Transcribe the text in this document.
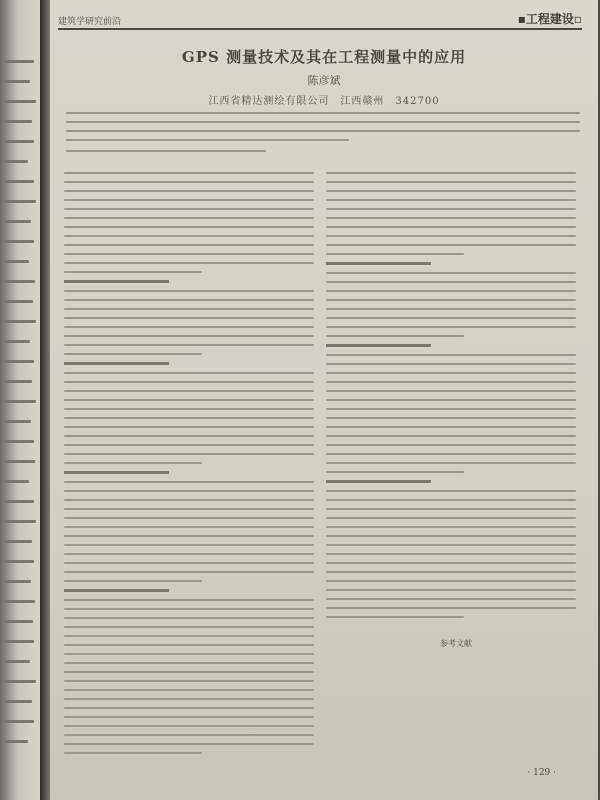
建筑学研究前沿	▪工程建设▫
GPS 测量技术及其在工程测量中的应用
陈彦斌
江西省精达测绘有限公司　江西赣州　342700
参考文献
· 129 ·
